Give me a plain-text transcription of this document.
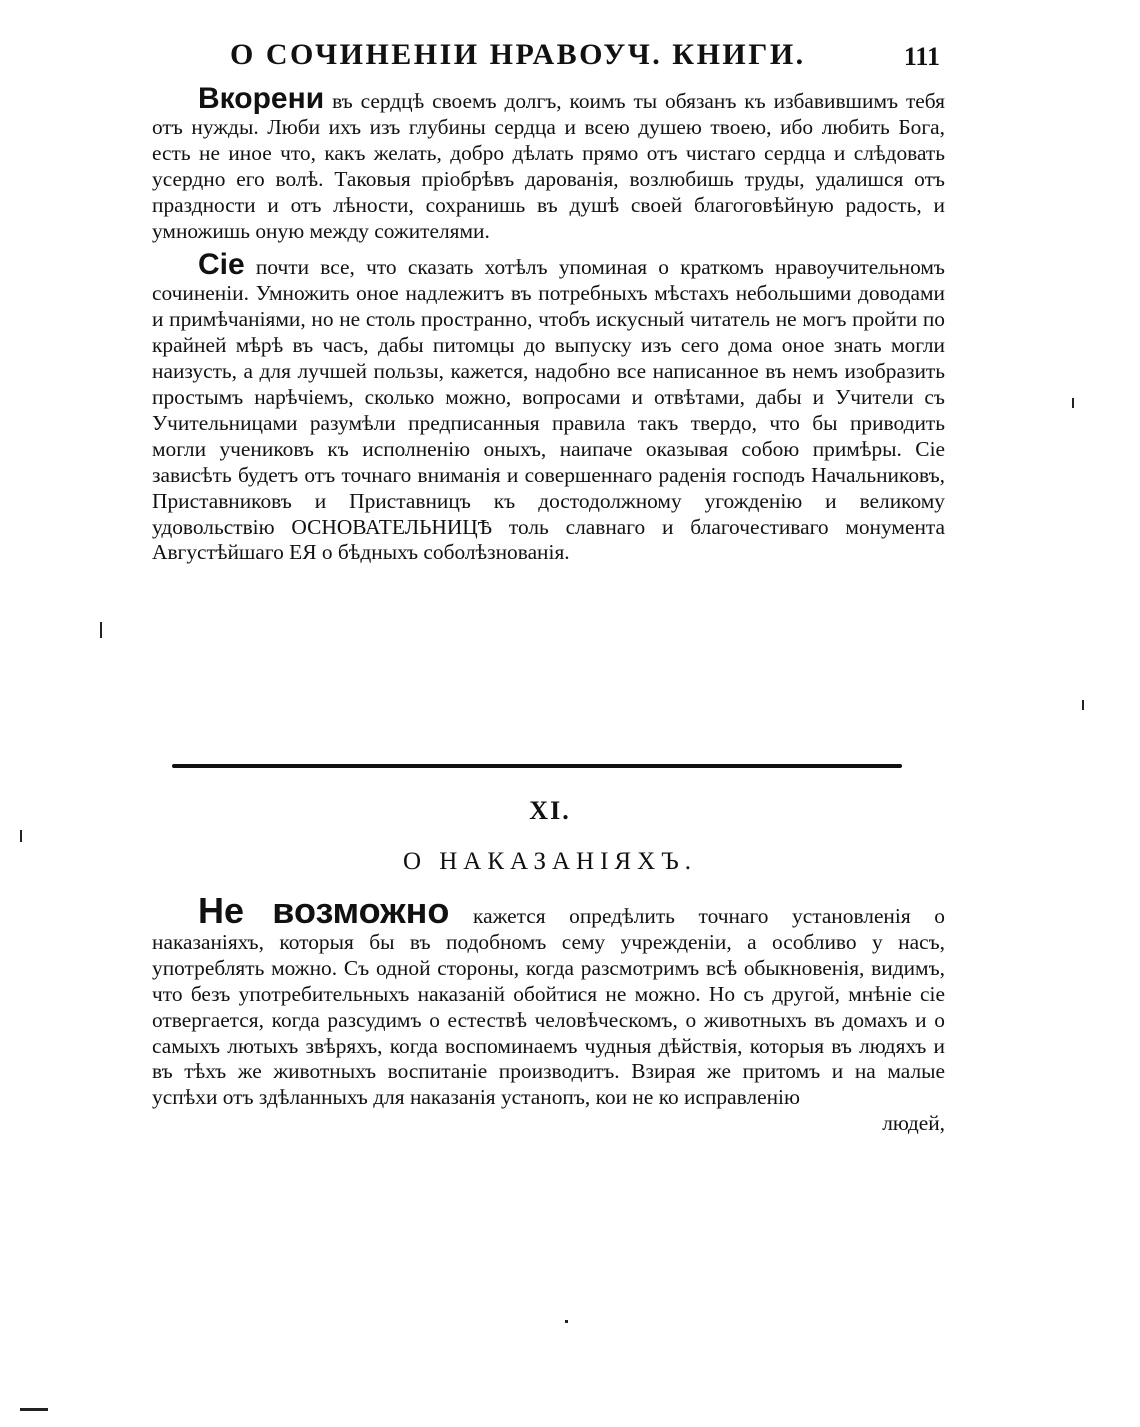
О СОЧИНЕНІИ НРАВОУЧ. КНИГИ.	111

Вкорени въ сердцѣ своемъ долгъ, коимъ ты обязанъ къ избавившимъ тебя отъ нужды. Люби ихъ изъ глубины сердца и всею душею твоею, ибо любить Бога, есть не иное что, какъ желать, добро дѣлать прямо отъ чистаго сердца и слѣдовать усердно его волѣ. Таковыя пріобрѣвъ дарованія, возлюбишь труды, удалишся отъ праздности и отъ лѣности, сохранишь въ душѣ своей благоговѣйную радость, и умножишь оную между сожителями.

Сіе почти все, что сказать хотѣлъ упоминая о краткомъ нравоучительномъ сочиненіи. Умножить оное надлежитъ въ потребныхъ мѣстахъ небольшими доводами и примѣчаніями, но не столь пространно, чтобъ искусный читатель не могъ пройти по крайней мѣрѣ въ часъ, дабы питомцы до выпуску изъ сего дома оное знать могли наизусть, а для лучшей пользы, кажется, надобно все написанное въ немъ изобразить простымъ нарѣчіемъ, сколько можно, вопросами и отвѣтами, дабы и Учители съ Учительницами разумѣли предписанныя правила такъ твердо, что бы приводить могли учениковъ къ исполненію оныхъ, наипаче оказывая собою примѣры. Сіе зависѣть будетъ отъ точнаго вниманія и совершеннаго раденія господъ Начальниковъ, Приставниковъ и Приставницъ къ достодолжному угожденію и великому удовольствію ОСНОВАТЕЛЬНИЦѢ толь славнаго и благочестиваго монумента Августѣйшаго ЕЯ о бѣдныхъ соболѣзнованія.

XI.
О НАКАЗАНІЯХЪ.

Не возможно кажется опредѣлить точнаго установленія о наказаніяхъ, которыя бы въ подобномъ сему учрежденіи, а особливо у насъ, употреблять можно. Съ одной стороны, когда разсмотримъ всѣ обыкновенія, видимъ, что безъ употребительныхъ наказаній обойтися не можно. Но съ другой, мнѣніе сіе отвергается, когда разсудимъ о естествѣ человѣческомъ, о животныхъ въ домахъ и о самыхъ лютыхъ звѣряхъ, когда воспоминаемъ чудныя дѣйствія, которыя въ людяхъ и въ тѣхъ же животныхъ воспитаніе производитъ. Взирая же притомъ и на малые успѣхи отъ здѣланныхъ для наказанія устанопъ, кои не ко исправленію

людей,
